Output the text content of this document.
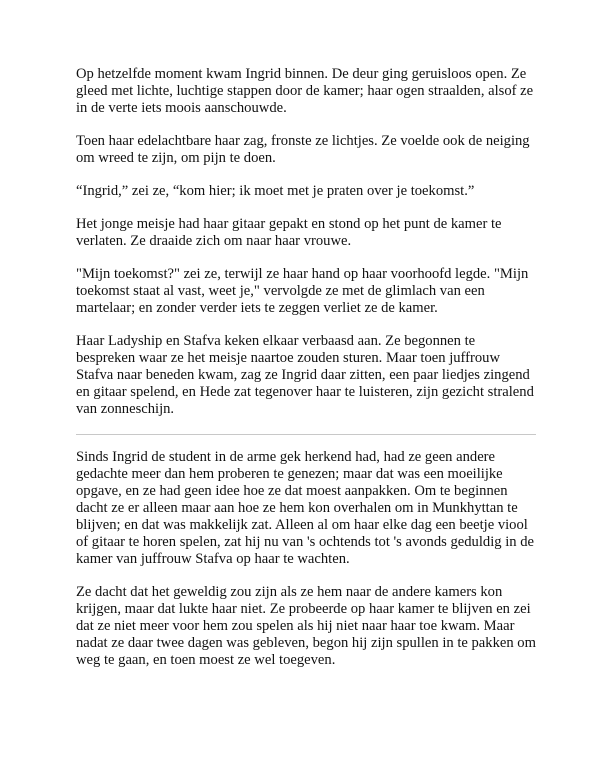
Op hetzelfde moment kwam Ingrid binnen. De deur ging geruisloos open. Ze gleed met lichte, luchtige stappen door de kamer; haar ogen straalden, alsof ze in de verte iets moois aanschouwde.

Toen haar edelachtbare haar zag, fronste ze lichtjes. Ze voelde ook de neiging om wreed te zijn, om pijn te doen.

“Ingrid,” zei ze, “kom hier; ik moet met je praten over je toekomst.”

Het jonge meisje had haar gitaar gepakt en stond op het punt de kamer te verlaten. Ze draaide zich om naar haar vrouwe.

"Mijn toekomst?" zei ze, terwijl ze haar hand op haar voorhoofd legde. "Mijn toekomst staat al vast, weet je," vervolgde ze met de glimlach van een martelaar; en zonder verder iets te zeggen verliet ze de kamer.

Haar Ladyship en Stafva keken elkaar verbaasd aan. Ze begonnen te bespreken waar ze het meisje naartoe zouden sturen. Maar toen juffrouw Stafva naar beneden kwam, zag ze Ingrid daar zitten, een paar liedjes zingend en gitaar spelend, en Hede zat tegenover haar te luisteren, zijn gezicht stralend van zonneschijn.

Sinds Ingrid de student in de arme gek herkend had, had ze geen andere gedachte meer dan hem proberen te genezen; maar dat was een moeilijke opgave, en ze had geen idee hoe ze dat moest aanpakken. Om te beginnen dacht ze er alleen maar aan hoe ze hem kon overhalen om in Munkhyttan te blijven; en dat was makkelijk zat. Alleen al om haar elke dag een beetje viool of gitaar te horen spelen, zat hij nu van 's ochtends tot 's avonds geduldig in de kamer van juffrouw Stafva op haar te wachten.

Ze dacht dat het geweldig zou zijn als ze hem naar de andere kamers kon krijgen, maar dat lukte haar niet. Ze probeerde op haar kamer te blijven en zei dat ze niet meer voor hem zou spelen als hij niet naar haar toe kwam. Maar nadat ze daar twee dagen was gebleven, begon hij zijn spullen in te pakken om weg te gaan, en toen moest ze wel toegeven.
